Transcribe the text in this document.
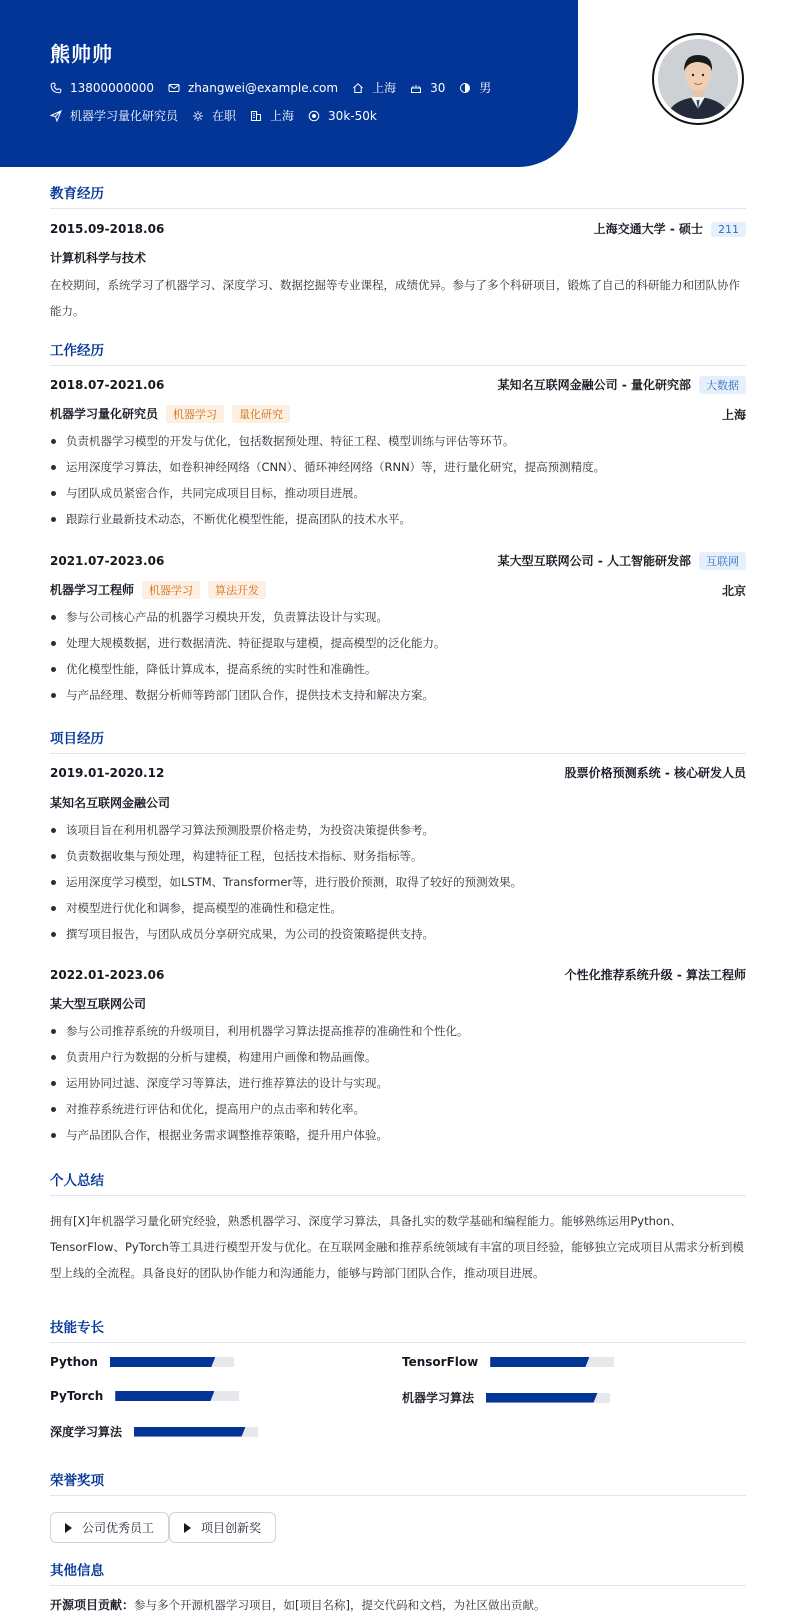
熊帅帅
13800000000	zhangwei@example.com	上海	30	男
机器学习量化研究员	在职	上海	30k-50k
教育经历
2015.09-2018.06	上海交通大学 - 硕士 211
计算机科学与技术
在校期间，系统学习了机器学习、深度学习、数据挖掘等专业课程，成绩优异。参与了多个科研项目，锻炼了自己的科研能力和团队协作能力。
工作经历
2018.07-2021.06	某知名互联网金融公司 - 量化研究部 大数据
机器学习量化研究员 机器学习 量化研究	上海
负责机器学习模型的开发与优化，包括数据预处理、特征工程、模型训练与评估等环节。
运用深度学习算法，如卷积神经网络（CNN）、循环神经网络（RNN）等，进行量化研究，提高预测精度。
与团队成员紧密合作，共同完成项目目标，推动项目进展。
跟踪行业最新技术动态，不断优化模型性能，提高团队的技术水平。
2021.07-2023.06	某大型互联网公司 - 人工智能研发部 互联网
机器学习工程师 机器学习 算法开发	北京
参与公司核心产品的机器学习模块开发，负责算法设计与实现。
处理大规模数据，进行数据清洗、特征提取与建模，提高模型的泛化能力。
优化模型性能，降低计算成本，提高系统的实时性和准确性。
与产品经理、数据分析师等跨部门团队合作，提供技术支持和解决方案。
项目经历
2019.01-2020.12	股票价格预测系统 - 核心研发人员
某知名互联网金融公司
该项目旨在利用机器学习算法预测股票价格走势，为投资决策提供参考。
负责数据收集与预处理，构建特征工程，包括技术指标、财务指标等。
运用深度学习模型，如LSTM、Transformer等，进行股价预测，取得了较好的预测效果。
对模型进行优化和调参，提高模型的准确性和稳定性。
撰写项目报告，与团队成员分享研究成果，为公司的投资策略提供支持。
2022.01-2023.06	个性化推荐系统升级 - 算法工程师
某大型互联网公司
参与公司推荐系统的升级项目，利用机器学习算法提高推荐的准确性和个性化。
负责用户行为数据的分析与建模，构建用户画像和物品画像。
运用协同过滤、深度学习等算法，进行推荐算法的设计与实现。
对推荐系统进行评估和优化，提高用户的点击率和转化率。
与产品团队合作，根据业务需求调整推荐策略，提升用户体验。
个人总结
拥有[X]年机器学习量化研究经验，熟悉机器学习、深度学习算法，具备扎实的数学基础和编程能力。能够熟练运用Python、TensorFlow、PyTorch等工具进行模型开发与优化。在互联网金融和推荐系统领域有丰富的项目经验，能够独立完成项目从需求分析到模型上线的全流程。具备良好的团队协作能力和沟通能力，能够与跨部门团队合作，推动项目进展。
技能专长
Python	TensorFlow
PyTorch	机器学习算法
深度学习算法
荣誉奖项
公司优秀员工	项目创新奖
其他信息
开源项目贡献： 参与多个开源机器学习项目，如[项目名称]，提交代码和文档，为社区做出贡献。
